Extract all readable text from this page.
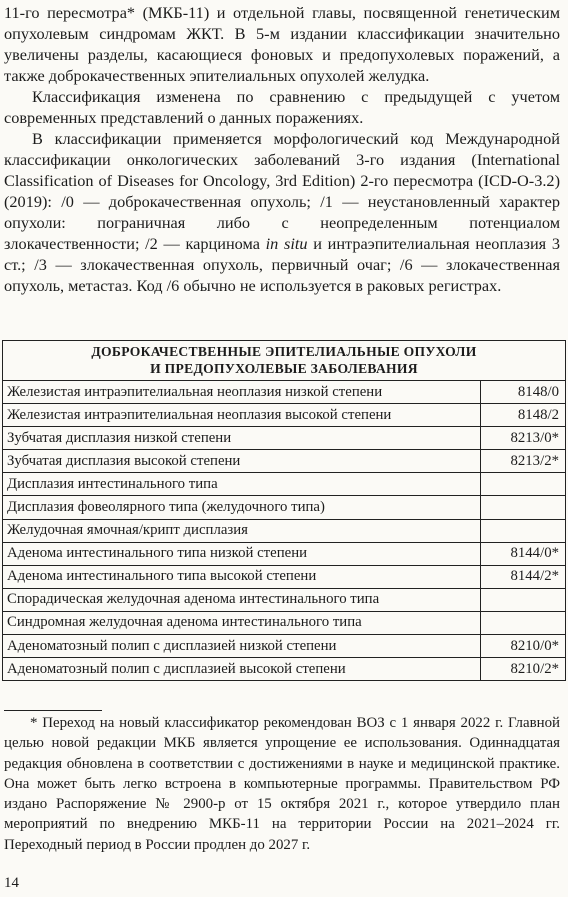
11-го пересмотра* (МКБ-11) и отдельной главы, посвященной генетическим опухолевым синдромам ЖКТ. В 5-м издании классификации значительно увеличены разделы, касающиеся фоновых и предопухолевых поражений, а также доброкачественных эпителиальных опухолей желудка.

Классификация изменена по сравнению с предыдущей с учетом современных представлений о данных поражениях.

В классификации применяется морфологический код Международной классификации онкологических заболеваний 3-го издания (International Classification of Diseases for Oncology, 3rd Edition) 2-го пересмотра (ICD-O-3.2) (2019): /0 — доброкачественная опухоль; /1 — неустановленный характер опухоли: пограничная либо с неопределенным потенциалом злокачественности; /2 — карцинома in situ и интраэпителиальная неоплазия 3 ст.; /3 — злокачественная опухоль, первичный очаг; /6 — злокачественная опухоль, метастаз. Код /6 обычно не используется в раковых регистрах.

ДОБРОКАЧЕСТВЕННЫЕ ЭПИТЕЛИАЛЬНЫЕ ОПУХОЛИ
И ПРЕДОПУХОЛЕВЫЕ ЗАБОЛЕВАНИЯ
Железистая интраэпителиальная неоплазия низкой степени	8148/0
Железистая интраэпителиальная неоплазия высокой степени	8148/2
Зубчатая дисплазия низкой степени	8213/0*
Зубчатая дисплазия высокой степени	8213/2*
Дисплазия интестинального типа	
Дисплазия фовеолярного типа (желудочного типа)	
Желудочная ямочная/крипт дисплазия	
Аденома интестинального типа низкой степени	8144/0*
Аденома интестинального типа высокой степени	8144/2*
Спорадическая желудочная аденома интестинального типа	
Синдромная желудочная аденома интестинального типа	
Аденоматозный полип с дисплазией низкой степени	8210/0*
Аденоматозный полип с дисплазией высокой степени	8210/2*

* Переход на новый классификатор рекомендован ВОЗ с 1 января 2022 г. Главной целью новой редакции МКБ является упрощение ее использования. Одиннадцатая редакция обновлена в соответствии с достижениями в науке и медицинской практике. Она может быть легко встроена в компьютерные программы. Правительством РФ издано Распоряжение № 2900-р от 15 октября 2021 г., которое утвердило план мероприятий по внедрению МКБ-11 на территории России на 2021–2024 гг. Переходный период в России продлен до 2027 г.

14
